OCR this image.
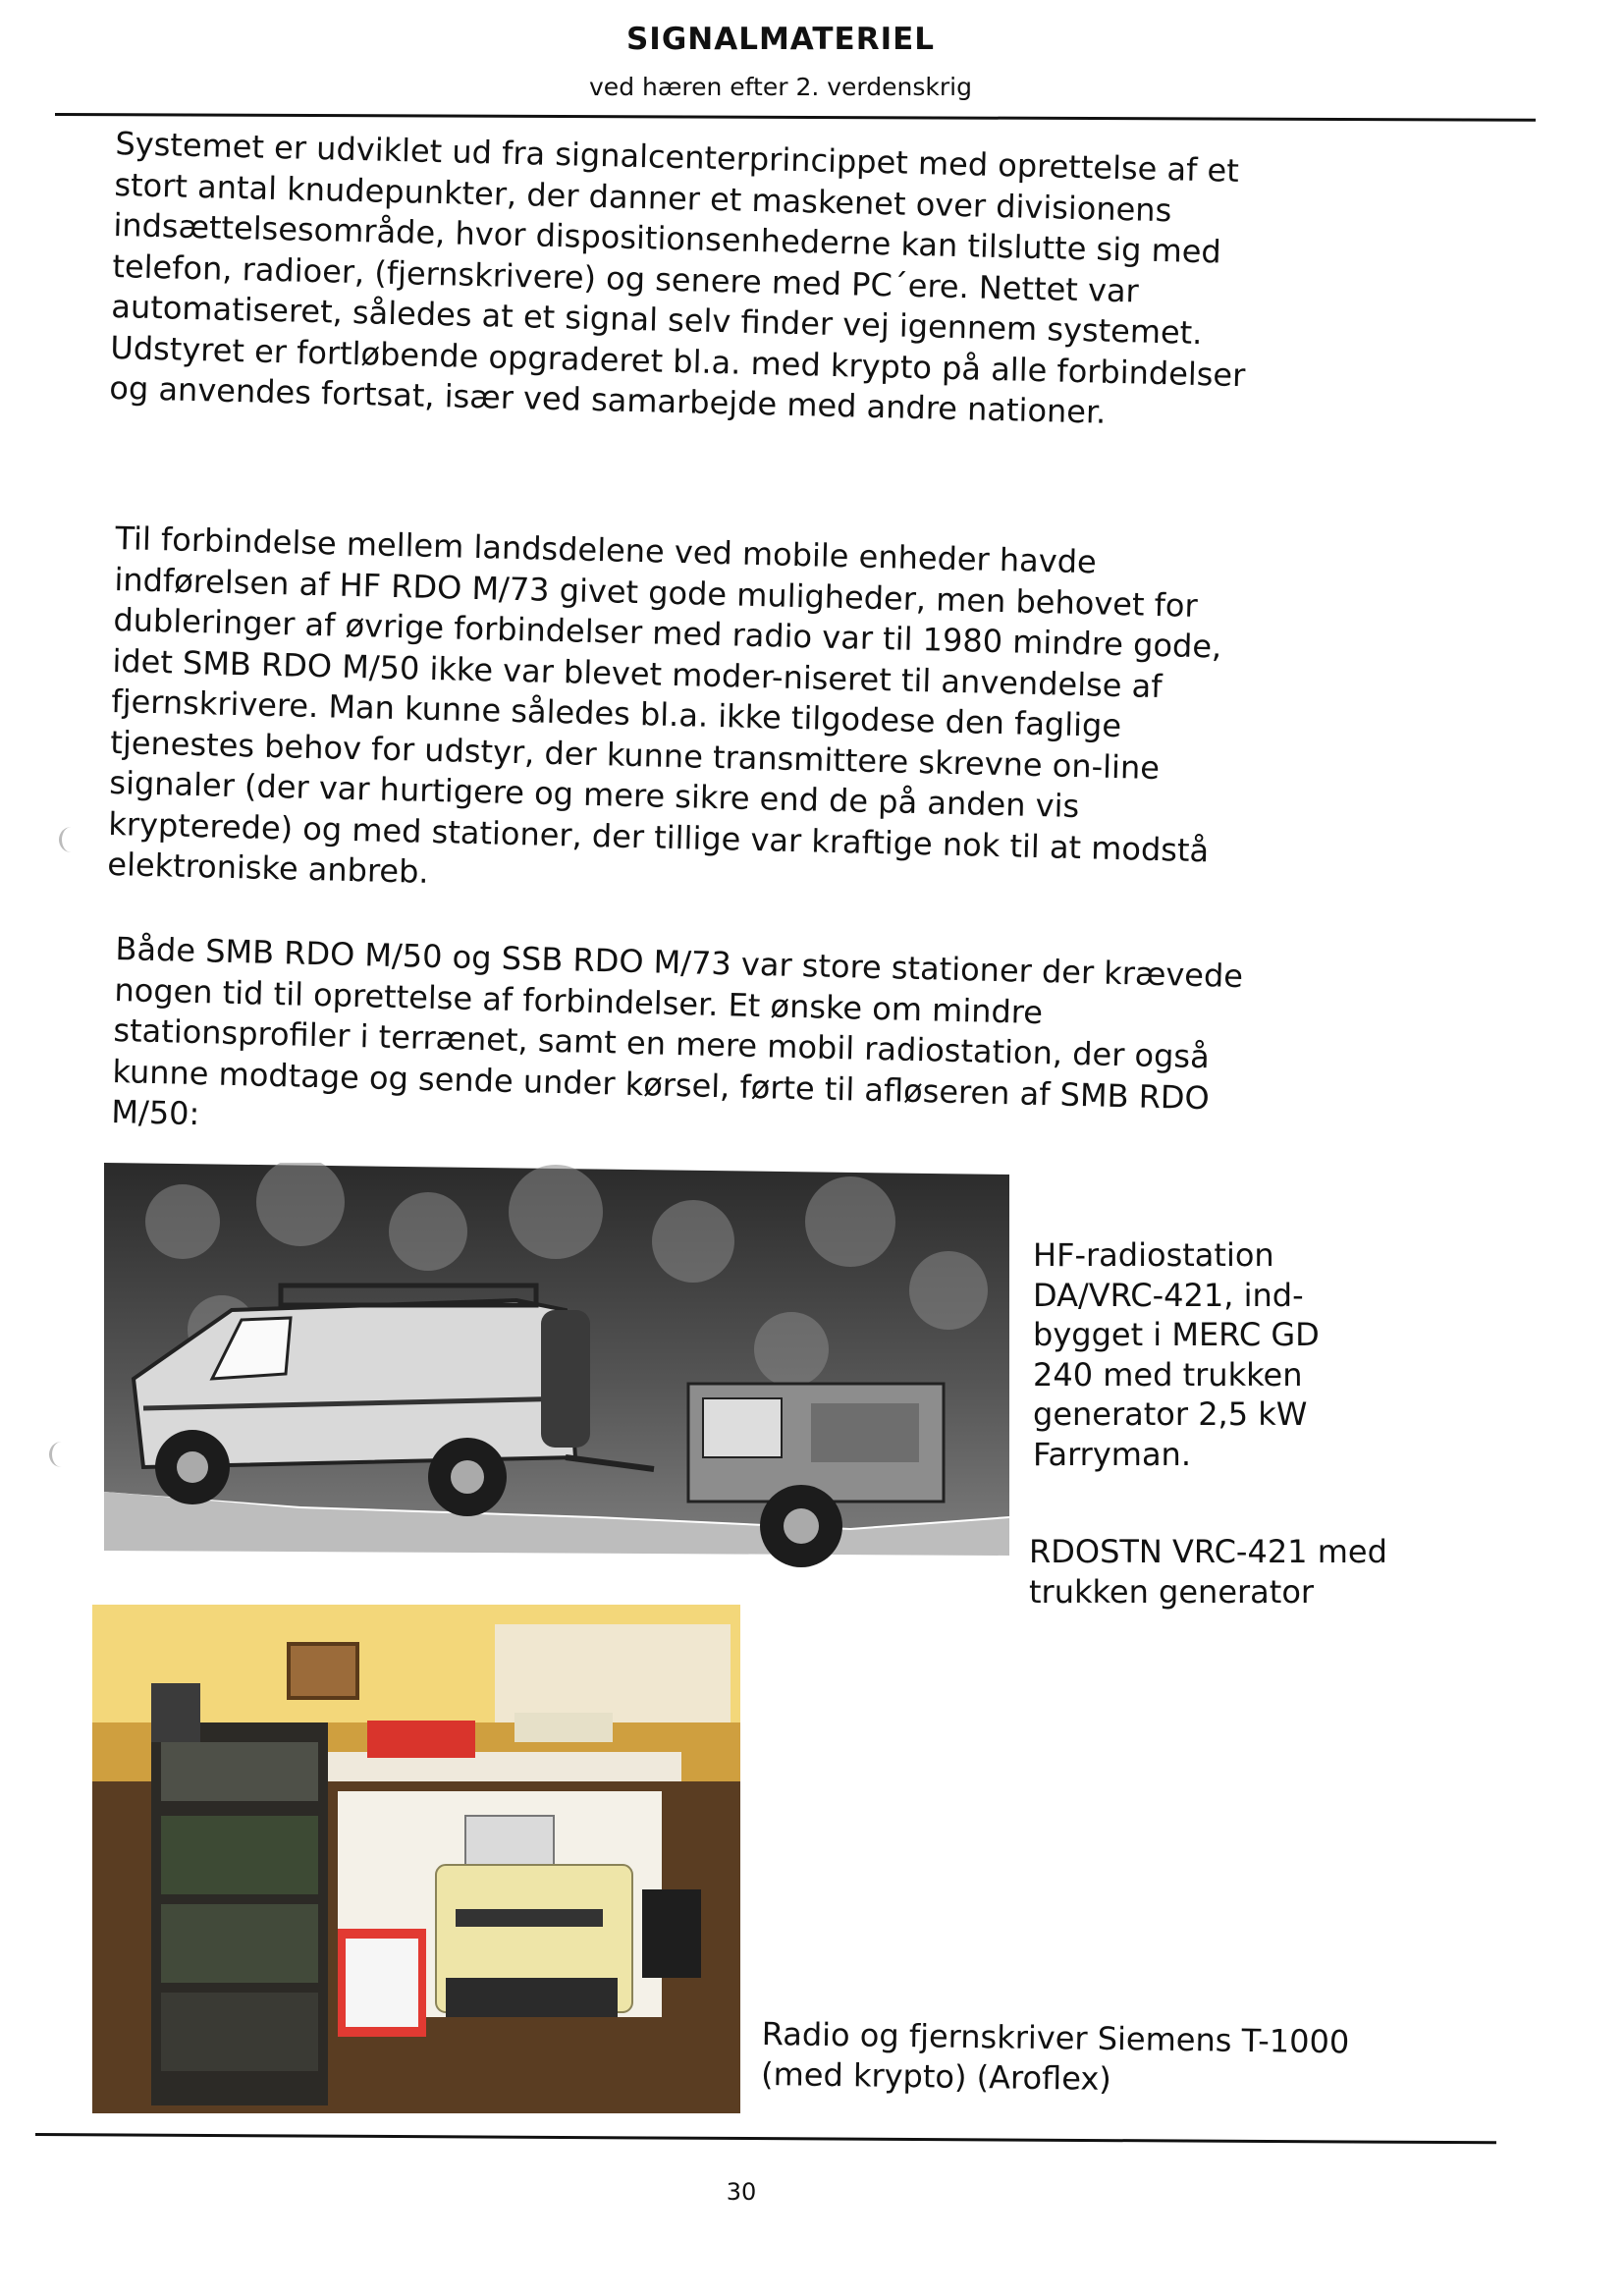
SIGNALMATERIEL
ved hæren efter 2. verdenskrig

Systemet er udviklet ud fra signalcenterprincippet med oprettelse af et stort antal knudepunkter, der danner et maskenet over divisionens indsættelsesområde, hvor dispositionsenhederne kan tilslutte sig med telefon, radioer, (fjernskrivere) og senere med PC´ere. Nettet var automatiseret, således at et signal selv finder vej igennem systemet. Udstyret er fortløbende opgraderet bl.a. med krypto på alle forbindelser og anvendes fortsat, især ved samarbejde med andre nationer.

Til forbindelse mellem landsdelene ved mobile enheder havde indførelsen af HF RDO M/73 givet gode muligheder, men behovet for dubleringer af øvrige forbindelser med radio var til 1980 mindre gode, idet SMB RDO M/50 ikke var blevet moder-niseret til anvendelse af fjernskrivere. Man kunne således bl.a. ikke tilgodese den faglige tjenestes behov for udstyr, der kunne transmittere skrevne on-line signaler (der var hurtigere og mere sikre end de på anden vis krypterede) og med stationer, der tillige var kraftige nok til at modstå elektroniske anbreb.

Både SMB RDO M/50 og SSB RDO M/73 var store stationer der krævede nogen tid til oprettelse af forbindelser. Et ønske om mindre stationsprofiler i terrænet, samt en mere mobil radiostation, der også kunne modtage og sende under kørsel, førte til afløseren af SMB RDO M/50:

HF-radiostation
DA/VRC-421, ind-
bygget i MERC GD
240 med trukken
generator 2,5 kW
Farryman.

RDOSTN VRC-421 med
trukken generator

Radio og fjernskriver Siemens T-1000
(med krypto) (Aroflex)

30
